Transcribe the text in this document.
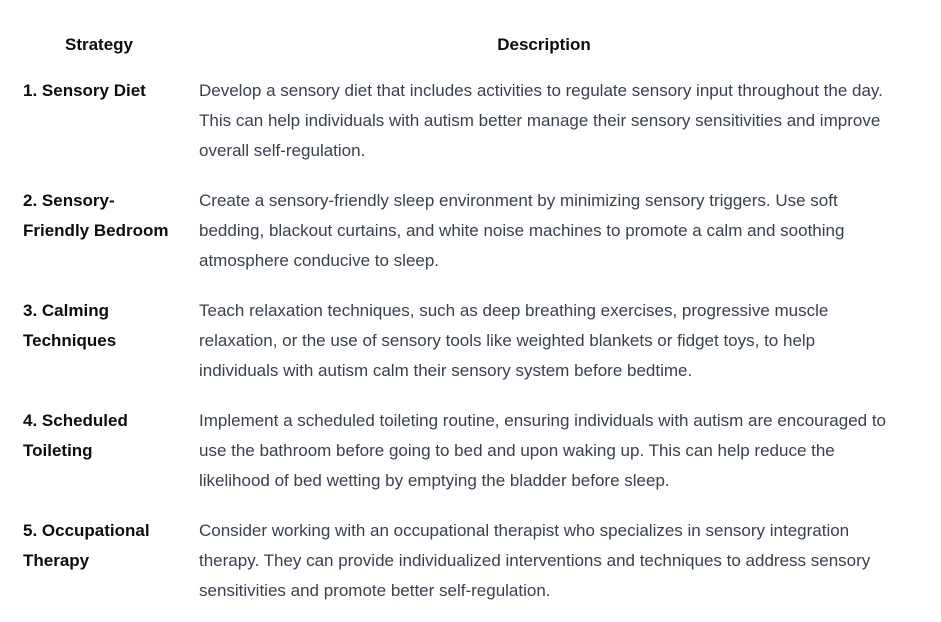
Strategy	Description
1. Sensory Diet	Develop a sensory diet that includes activities to regulate sensory input throughout the day. This can help individuals with autism better manage their sensory sensitivities and improve overall self-regulation.
2. Sensory-Friendly Bedroom	Create a sensory-friendly sleep environment by minimizing sensory triggers. Use soft bedding, blackout curtains, and white noise machines to promote a calm and soothing atmosphere conducive to sleep.
3. Calming Techniques	Teach relaxation techniques, such as deep breathing exercises, progressive muscle relaxation, or the use of sensory tools like weighted blankets or fidget toys, to help individuals with autism calm their sensory system before bedtime.
4. Scheduled Toileting	Implement a scheduled toileting routine, ensuring individuals with autism are encouraged to use the bathroom before going to bed and upon waking up. This can help reduce the likelihood of bed wetting by emptying the bladder before sleep.
5. Occupational Therapy	Consider working with an occupational therapist who specializes in sensory integration therapy. They can provide individualized interventions and techniques to address sensory sensitivities and promote better self-regulation.
